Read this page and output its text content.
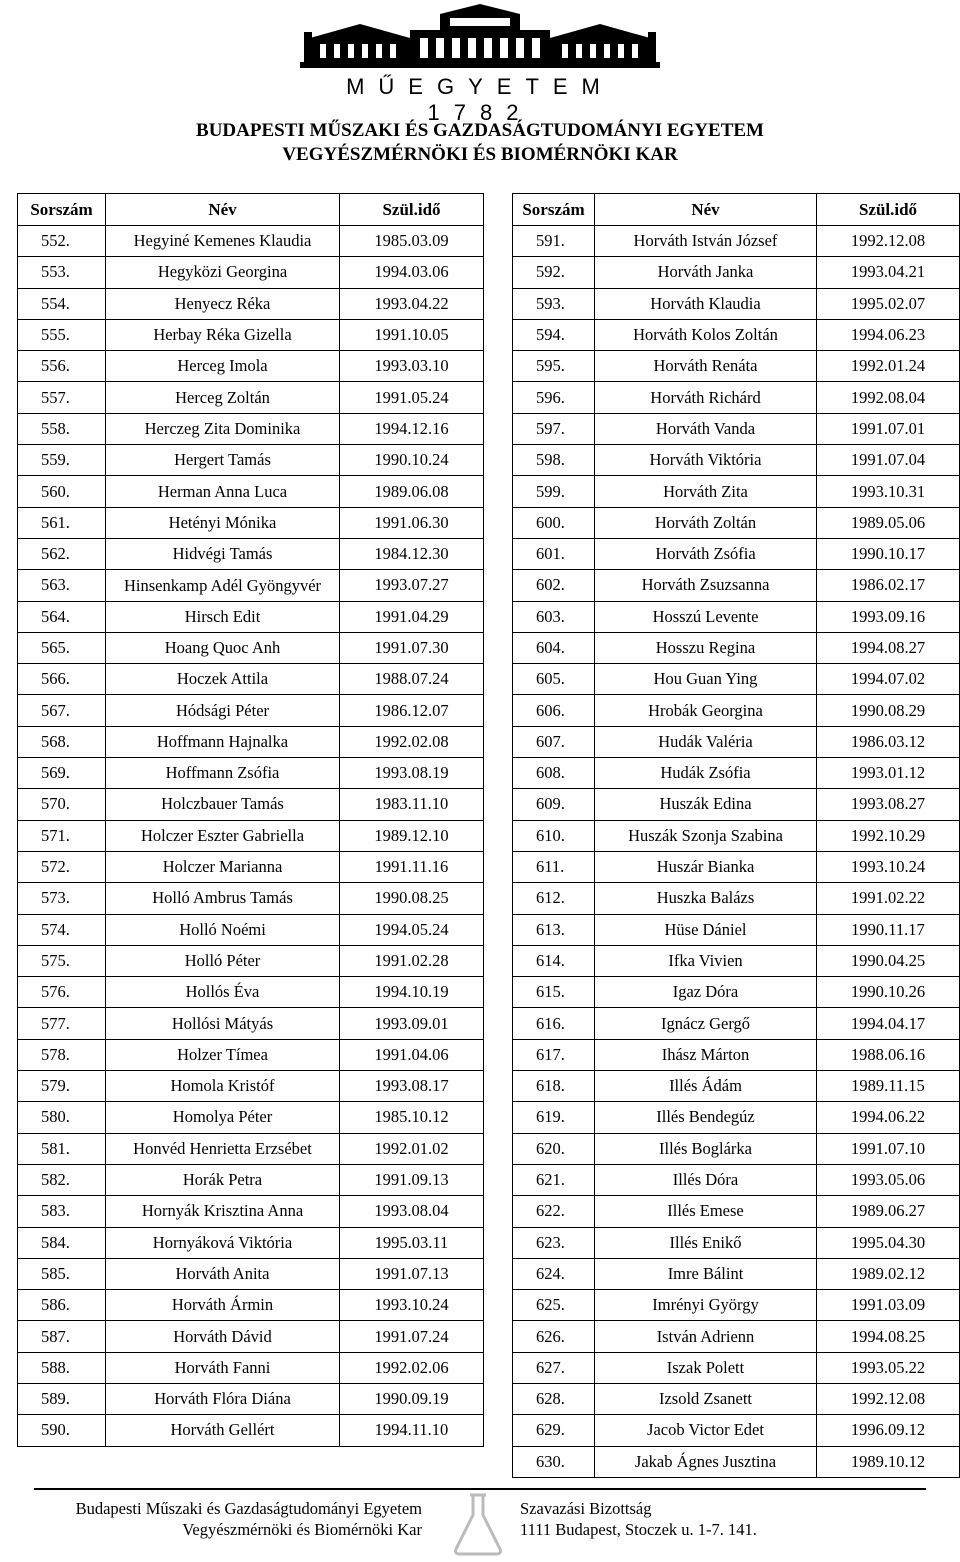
MŰEGYETEM 1782
BUDAPESTI MŰSZAKI ÉS GAZDASÁGTUDOMÁNYI EGYETEM
VEGYÉSZMÉRNÖKI ÉS BIOMÉRNÖKI KAR
Sorszám	Név	Szül.idő
552.	Hegyiné Kemenes Klaudia	1985.03.09
553.	Hegyközi Georgina	1994.03.06
554.	Henyecz Réka	1993.04.22
555.	Herbay Réka Gizella	1991.10.05
556.	Herceg Imola	1993.03.10
557.	Herceg Zoltán	1991.05.24
558.	Herczeg Zita Dominika	1994.12.16
559.	Hergert Tamás	1990.10.24
560.	Herman Anna Luca	1989.06.08
561.	Hetényi Mónika	1991.06.30
562.	Hidvégi Tamás	1984.12.30
563.	Hinsenkamp Adél Gyöngyvér	1993.07.27
564.	Hirsch Edit	1991.04.29
565.	Hoang Quoc Anh	1991.07.30
566.	Hoczek Attila	1988.07.24
567.	Hódsági Péter	1986.12.07
568.	Hoffmann Hajnalka	1992.02.08
569.	Hoffmann Zsófia	1993.08.19
570.	Holczbauer Tamás	1983.11.10
571.	Holczer Eszter Gabriella	1989.12.10
572.	Holczer Marianna	1991.11.16
573.	Holló Ambrus Tamás	1990.08.25
574.	Holló Noémi	1994.05.24
575.	Holló Péter	1991.02.28
576.	Hollós Éva	1994.10.19
577.	Hollósi Mátyás	1993.09.01
578.	Holzer Tímea	1991.04.06
579.	Homola Kristóf	1993.08.17
580.	Homolya Péter	1985.10.12
581.	Honvéd Henrietta Erzsébet	1992.01.02
582.	Horák Petra	1991.09.13
583.	Hornyák Krisztina Anna	1993.08.04
584.	Hornyáková Viktória	1995.03.11
585.	Horváth Anita	1991.07.13
586.	Horváth Ármin	1993.10.24
587.	Horváth Dávid	1991.07.24
588.	Horváth Fanni	1992.02.06
589.	Horváth Flóra Diána	1990.09.19
590.	Horváth Gellért	1994.11.10
Sorszám	Név	Szül.idő
591.	Horváth István József	1992.12.08
592.	Horváth Janka	1993.04.21
593.	Horváth Klaudia	1995.02.07
594.	Horváth Kolos Zoltán	1994.06.23
595.	Horváth Renáta	1992.01.24
596.	Horváth Richárd	1992.08.04
597.	Horváth Vanda	1991.07.01
598.	Horváth Viktória	1991.07.04
599.	Horváth Zita	1993.10.31
600.	Horváth Zoltán	1989.05.06
601.	Horváth Zsófia	1990.10.17
602.	Horváth Zsuzsanna	1986.02.17
603.	Hosszú Levente	1993.09.16
604.	Hosszu Regina	1994.08.27
605.	Hou Guan Ying	1994.07.02
606.	Hrobák Georgina	1990.08.29
607.	Hudák Valéria	1986.03.12
608.	Hudák Zsófia	1993.01.12
609.	Huszák Edina	1993.08.27
610.	Huszák Szonja Szabina	1992.10.29
611.	Huszár Bianka	1993.10.24
612.	Huszka Balázs	1991.02.22
613.	Hüse Dániel	1990.11.17
614.	Ifka Vivien	1990.04.25
615.	Igaz Dóra	1990.10.26
616.	Ignácz Gergő	1994.04.17
617.	Ihász Márton	1988.06.16
618.	Illés Ádám	1989.11.15
619.	Illés Bendegúz	1994.06.22
620.	Illés Boglárka	1991.07.10
621.	Illés Dóra	1993.05.06
622.	Illés Emese	1989.06.27
623.	Illés Enikő	1995.04.30
624.	Imre Bálint	1989.02.12
625.	Imrényi György	1991.03.09
626.	István Adrienn	1994.08.25
627.	Iszak Polett	1993.05.22
628.	Izsold Zsanett	1992.12.08
629.	Jacob Victor Edet	1996.09.12
630.	Jakab Ágnes Jusztina	1989.10.12
Budapesti Műszaki és Gazdaságtudományi Egyetem
Vegyészmérnöki és Biomérnöki Kar
Szavazási Bizottság
1111 Budapest, Stoczek u. 1-7. 141.
